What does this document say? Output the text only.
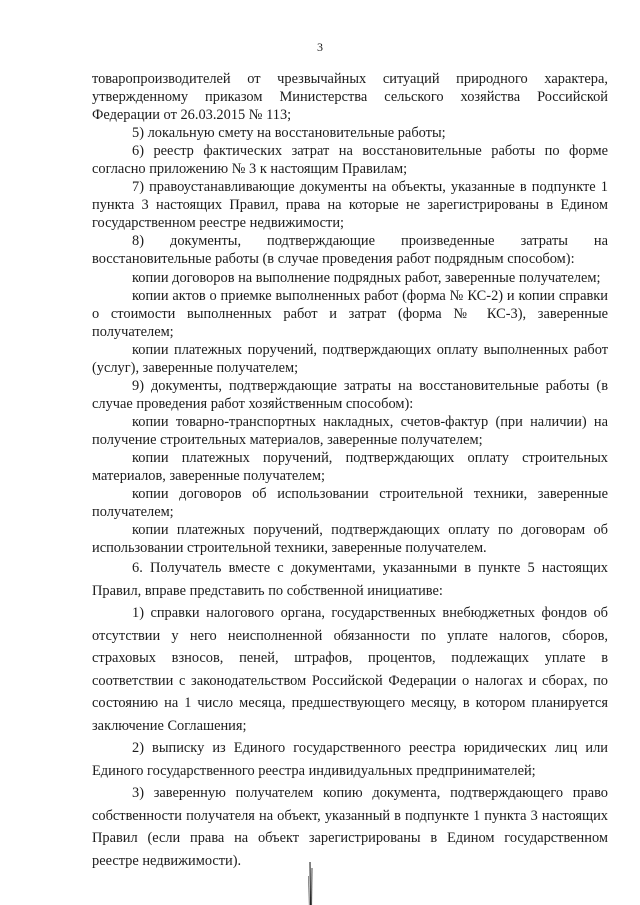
3

товаропроизводителей от чрезвычайных ситуаций природного характера, утвержденному приказом Министерства сельского хозяйства Российской Федерации от 26.03.2015 № 113;

5) локальную смету на восстановительные работы;

6) реестр фактических затрат на восстановительные работы по форме согласно приложению № 3 к настоящим Правилам;

7) правоустанавливающие документы на объекты, указанные в подпункте 1 пункта 3 настоящих Правил, права на которые не зарегистрированы в Едином государственном реестре недвижимости;

8) документы, подтверждающие произведенные затраты на восстановительные работы (в случае проведения работ подрядным способом):

копии договоров на выполнение подрядных работ, заверенные получателем;

копии актов о приемке выполненных работ (форма № КС-2) и копии справки о стоимости выполненных работ и затрат (форма № КС-3), заверенные получателем;

копии платежных поручений, подтверждающих оплату выполненных работ (услуг), заверенные получателем;

9) документы, подтверждающие затраты на восстановительные работы (в случае проведения работ хозяйственным способом):

копии товарно-транспортных накладных, счетов-фактур (при наличии) на получение строительных материалов, заверенные получателем;

копии платежных поручений, подтверждающих оплату строительных материалов, заверенные получателем;

копии договоров об использовании строительной техники, заверенные получателем;

копии платежных поручений, подтверждающих оплату по договорам об использовании строительной техники, заверенные получателем.

6. Получатель вместе с документами, указанными в пункте 5 настоящих Правил, вправе представить по собственной инициативе:

1) справки налогового органа, государственных внебюджетных фондов об отсутствии у него неисполненной обязанности по уплате налогов, сборов, страховых взносов, пеней, штрафов, процентов, подлежащих уплате в соответствии с законодательством Российской Федерации о налогах и сборах, по состоянию на 1 число месяца, предшествующего месяцу, в котором планируется заключение Соглашения;

2) выписку из Единого государственного реестра юридических лиц или Единого государственного реестра индивидуальных предпринимателей;

3) заверенную получателем копию документа, подтверждающего право собственности получателя на объект, указанный в подпункте 1 пункта 3 настоящих Правил (если права на объект зарегистрированы в Едином государственном реестре недвижимости).
